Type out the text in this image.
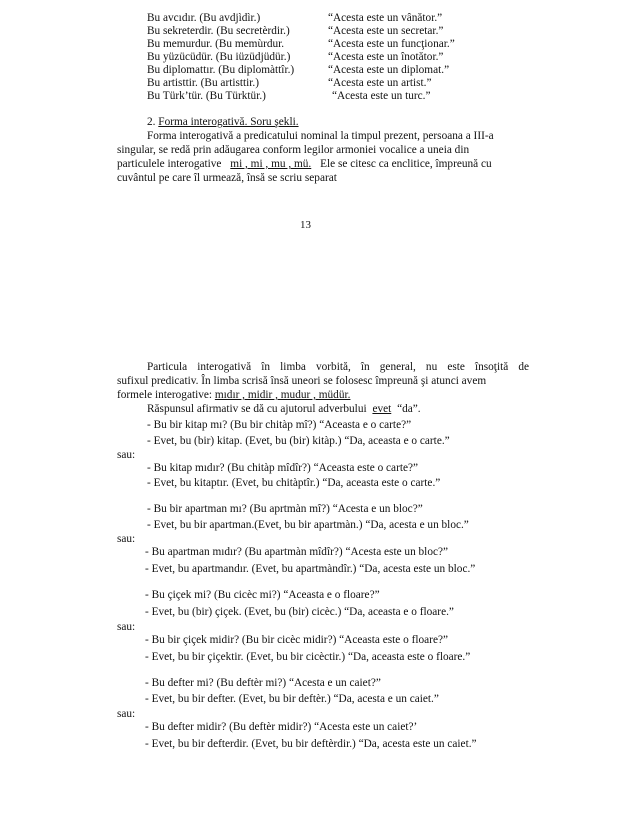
Bu avcıdır. (Bu avdjìdìr.)	“Acesta este un vânător.”
Bu sekreterdir. (Bu secretèrdir.)	“Acesta este un secretar.”
Bu memurdur. (Bu memùrdur.	“Acesta este un funcţionar.”
Bu yüzücüdür. (Bu iüzüdjüdür.)	“Acesta este un înotător.”
Bu diplomattır. (Bu diplomàttîr.)	“Acesta este un diplomat.”
Bu artisttir. (Bu artisttir.)	“Acesta este un artist.”
Bu Türk’tür. (Bu Türktür.)	“Acesta este un turc.”
2. Forma interogativă. Soru şekli.
Forma interogativă a predicatului nominal la timpul prezent, persoana a III-a
singular, se redă prin adăugarea conform legilor armoniei vocalice a uneia din
particulele interogative mi , mi , mu , mü. Ele se citesc ca enclitice, împreună cu
cuvântul pe care îl urmează, însă se scriu separat
13
Particula interogativă în limba vorbită, în general, nu este însoţită de
sufixul predicativ. În limba scrisă însă uneori se folosesc împreună şi atunci avem
formele interogative: mıdır , midir , mudur , müdür.
Răspunsul afirmativ se dă cu ajutorul adverbului evet “da”.
- Bu bir kitap mı? (Bu bir chitàp mî?) “Aceasta e o carte?”
- Evet, bu (bir) kitap. (Evet, bu (bir) kitàp.) “Da, aceasta e o carte.”
sau:
- Bu kitap mıdır? (Bu chitàp mîdîr?) “Aceasta este o carte?”
- Evet, bu kitaptır. (Evet, bu chitàptîr.) “Da, aceasta este o carte.”
- Bu bir apartman mı? (Bu aprtmàn mî?) “Acesta e un bloc?”
- Evet, bu bir apartman.(Evet, bu bir apartmàn.) “Da, acesta e un bloc.”
sau:
- Bu apartman mıdır? (Bu apartmàn mîdîr?) “Acesta este un bloc?”
- Evet, bu apartmandır. (Evet, bu apartmàndîr.) “Da, acesta este un bloc.”
- Bu çiçek mi? (Bu cicèc mi?) “Aceasta e o floare?”
- Evet, bu (bir) çiçek. (Evet, bu (bir) cicèc.) “Da, aceasta e o floare.”
sau:
- Bu bir çiçek midir? (Bu bir cicèc midir?) “Aceasta este o floare?”
- Evet, bu bir çiçektir. (Evet, bu bir cicèctir.) “Da, aceasta este o floare.”
- Bu defter mi? (Bu deftèr mi?) “Acesta e un caiet?”
- Evet, bu bir defter. (Evet, bu bir deftèr.) “Da, acesta e un caiet.”
sau:
- Bu defter midir? (Bu deftèr midir?) “Acesta este un caiet?’
- Evet, bu bir defterdir. (Evet, bu bir deftèrdir.) “Da, acesta este un caiet.”
